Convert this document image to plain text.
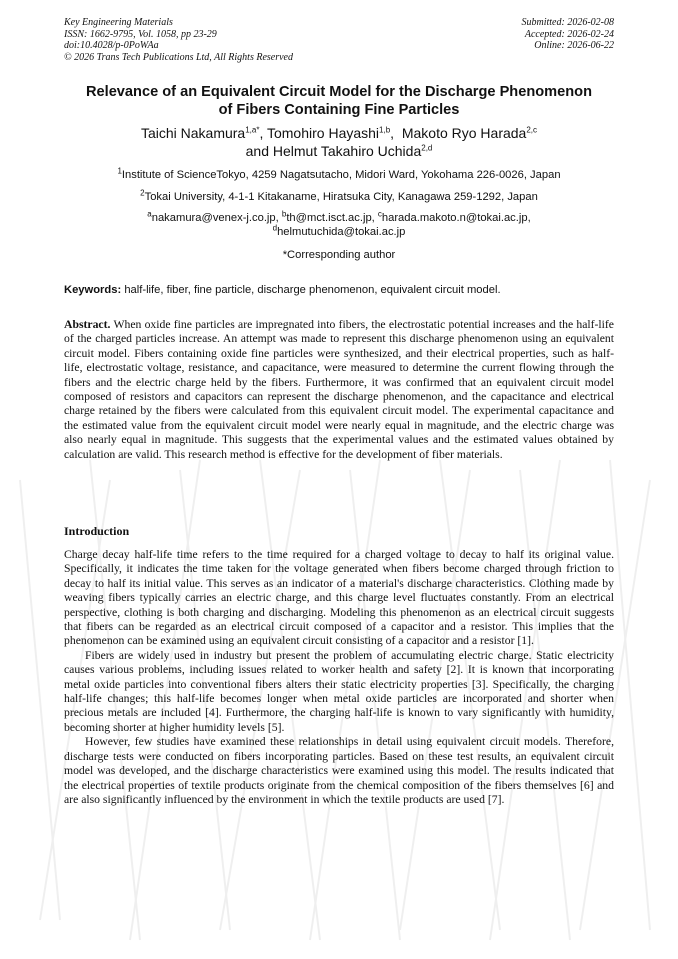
Key Engineering Materials
ISSN: 1662-9795, Vol. 1058, pp 23-29
doi:10.4028/p-0PoWAa
© 2026 Trans Tech Publications Ltd, All Rights Reserved
Submitted: 2026-02-08
Accepted: 2026-02-24
Online: 2026-06-22
Relevance of an Equivalent Circuit Model for the Discharge Phenomenon
of Fibers Containing Fine Particles
Taichi Nakamura$^{1,a*}$, Tomohiro Hayashi$^{1,b}$,  Makoto Ryo Harada$^{2,c}$
and Helmut Takahiro Uchida$^{2,d}$
$^1$Institute of ScienceTokyo, 4259 Nagatsutacho, Midori Ward, Yokohama 226-0026, Japan
$^2$Tokai University, 4-1-1 Kitakaname, Hiratsuka City, Kanagawa 259-1292, Japan
$^a$nakamura@venex-j.co.jp, $^b$th@mct.isct.ac.jp, $^c$harada.makoto.n@tokai.ac.jp,
$^d$helmutuchida@tokai.ac.jp
*Corresponding author
Keywords: half-life, fiber, fine particle, discharge phenomenon, equivalent circuit model.
Abstract. When oxide fine particles are impregnated into fibers, the electrostatic potential increases and the half-life of the charged particles increase. An attempt was made to represent this discharge phenomenon using an equivalent circuit model. Fibers containing oxide fine particles were synthesized, and their electrical properties, such as half-life, electrostatic voltage, resistance, and capacitance, were measured to determine the current flowing through the fibers and the electric charge held by the fibers. Furthermore, it was confirmed that an equivalent circuit model composed of resistors and capacitors can represent the discharge phenomenon, and the capacitance and electrical charge retained by the fibers were calculated from this equivalent circuit model. The experimental capacitance and the estimated value from the equivalent circuit model were nearly equal in magnitude, and the electric charge was also nearly equal in magnitude. This suggests that the experimental values and the estimated values obtained by calculation are valid. This research method is effective for the development of fiber materials.
Introduction

Charge decay half-life time refers to the time required for a charged voltage to decay to half its original value. Specifically, it indicates the time taken for the voltage generated when fibers become charged through friction to decay to half its initial value. This serves as an indicator of a material's discharge characteristics. Clothing made by weaving fibers typically carries an electric charge, and this charge level fluctuates constantly. From an electrical perspective, clothing is both charging and discharging. Modeling this phenomenon as an electrical circuit suggests that fibers can be regarded as an electrical circuit composed of a capacitor and a resistor. This implies that the phenomenon can be examined using an equivalent circuit consisting of a capacitor and a resistor [1].

Fibers are widely used in industry but present the problem of accumulating electric charge. Static electricity causes various problems, including issues related to worker health and safety [2]. It is known that incorporating metal oxide particles into conventional fibers alters their static electricity properties [3]. Specifically, the charging half-life changes; this half-life becomes longer when metal oxide particles are incorporated and shorter when precious metals are included [4]. Furthermore, the charging half-life is known to vary significantly with humidity, becoming shorter at higher humidity levels [5].

However, few studies have examined these relationships in detail using equivalent circuit models. Therefore, discharge tests were conducted on fibers incorporating particles. Based on these test results, an equivalent circuit model was developed, and the discharge characteristics were examined using this model. The results indicated that the electrical properties of textile products originate from the chemical composition of the fibers themselves [6] and are also significantly influenced by the environment in which the textile products are used [7].
